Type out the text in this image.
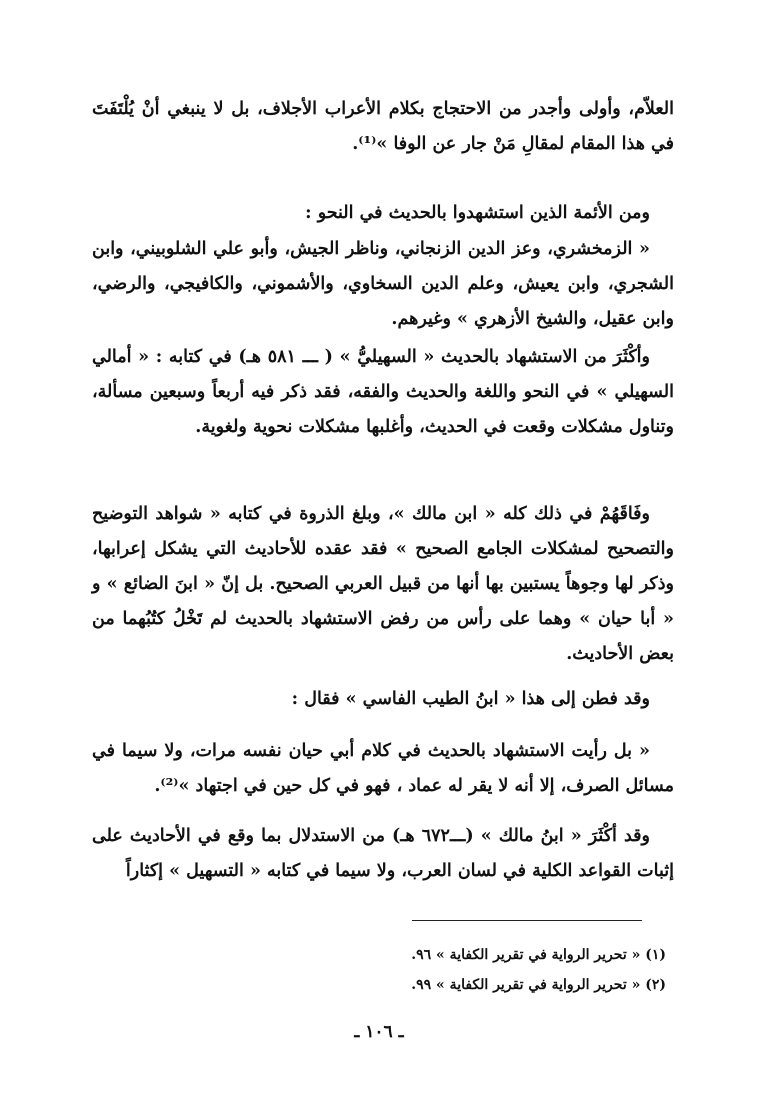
العلاّم، وأولى وأجدر من الاحتجاج بكلام الأعراب الأجلاف، بل لا ينبغي أنْ يُلْتَفَتَ في هذا المقام لمقالِ مَنْ جار عن الوفا »⁽¹⁾.

ومن الأئمة الذين استشهدوا بالحديث في النحو :

« الزمخشري، وعز الدين الزنجاني، وناظر الجيش، وأبو علي الشلوبيني، وابن الشجري، وابن يعيش، وعلم الدين السخاوي، والأشموني، والكافيجي، والرضي، وابن عقيل، والشيخ الأزهري » وغيرهم.

وأكْثَرَ من الاستشهاد بالحديث « السهيليُّ » ( ـــ ٥٨١ هـ) في كتابه : « أمالي السهيلي » في النحو واللغة والحديث والفقه، فقد ذكر فيه أربعاً وسبعين مسألة، وتناول مشكلات وقعت في الحديث، وأغلبها مشكلات نحوية ولغوية.

وفَاقَهُمْ في ذلك كله « ابن مالك »، وبلغ الذروة في كتابه « شواهد التوضيح والتصحيح لمشكلات الجامع الصحيح » فقد عقده للأحاديث التي يشكل إعرابها، وذكر لها وجوهاً يستبين بها أنها من قبيل العربي الصحيح. بل إنّ « ابنَ الضائع » و « أبا حيان » وهما على رأس من رفض الاستشهاد بالحديث لم تَخْلُ كتُبُهما من بعض الأحاديث.

وقد فطن إلى هذا « ابنُ الطيب الفاسي » فقال :

« بل رأيت الاستشهاد بالحديث في كلام أبي حيان نفسه مرات، ولا سيما في مسائل الصرف، إلا أنه لا يقر له عماد ، فهو في كل حين في اجتهاد »⁽²⁾.

وقد أكْثَرَ « ابنُ مالك » (ـــ٦٧٢ هـ) من الاستدلال بما وقع في الأحاديث على إثبات القواعد الكلية في لسان العرب، ولا سيما في كتابه « التسهيل » إكثاراً

(١) « تحرير الرواية في تقرير الكفاية » ٩٦.
(٢) « تحرير الرواية في تقرير الكفاية » ٩٩.
ـ ١٠٦ ـ
